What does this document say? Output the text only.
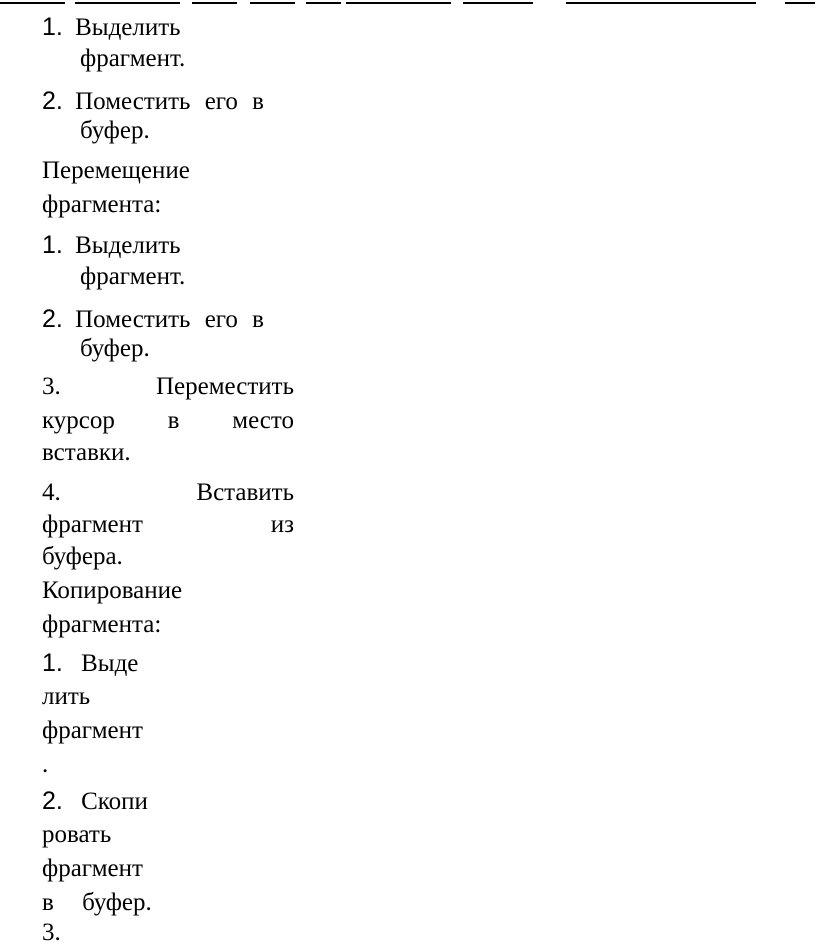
1. Выделить
фрагмент.
2. Поместить его в
буфер.
Перемещение
фрагмента:
1. Выделить
фрагмент.
2. Поместить его в
буфер.
3.	Переместить
курсор в место
вставки.
4.	Вставить
фрагмент	из
буфера.
Копирование
фрагмента:
1. Выде
лить
фрагмент
.
2. Скопи
ровать
фрагмент
в буфер.
3.
